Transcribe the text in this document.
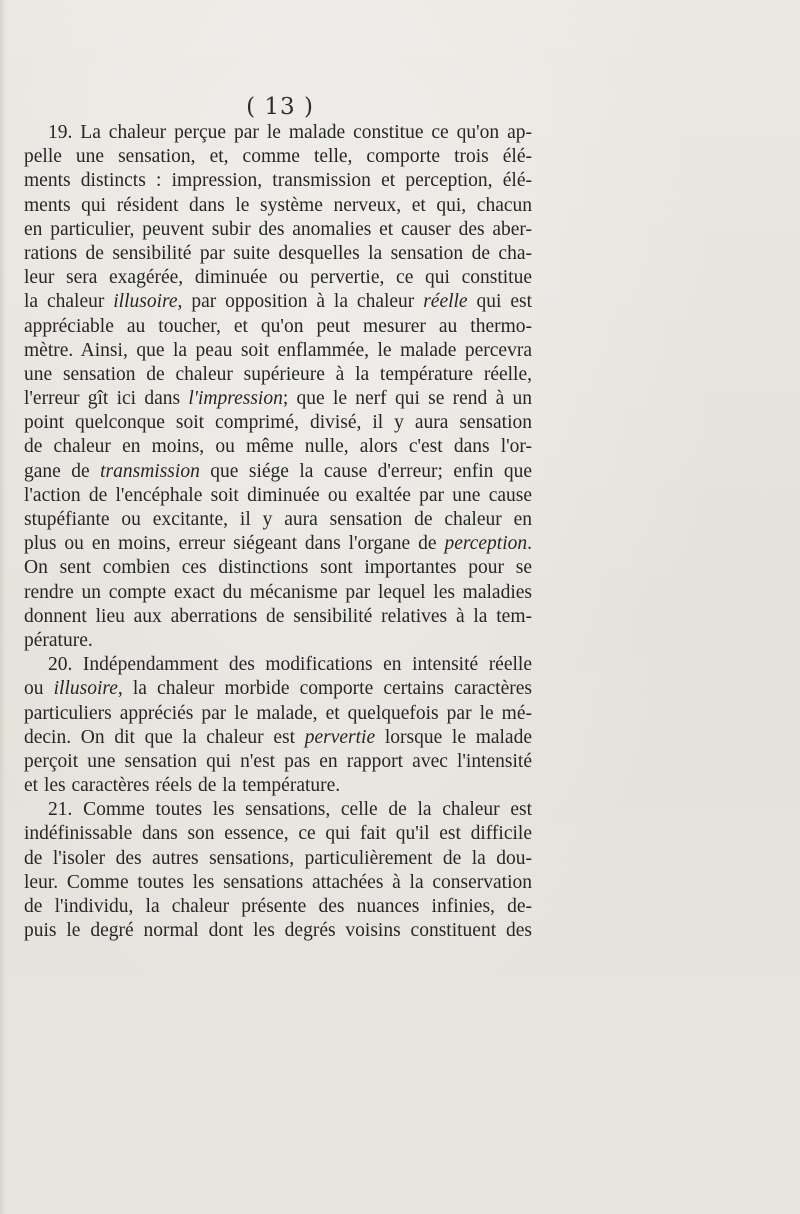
( 13 )
19. La chaleur perçue par le malade constitue ce qu'on ap-
pelle une sensation, et, comme telle, comporte trois élé-
ments distincts : impression, transmission et perception, élé-
ments qui résident dans le système nerveux, et qui, chacun
en particulier, peuvent subir des anomalies et causer des aber-
rations de sensibilité par suite desquelles la sensation de cha-
leur sera exagérée, diminuée ou pervertie, ce qui constitue
la chaleur illusoire, par opposition à la chaleur réelle qui est
appréciable au toucher, et qu'on peut mesurer au thermo-
mètre. Ainsi, que la peau soit enflammée, le malade percevra
une sensation de chaleur supérieure à la température réelle,
l'erreur gît ici dans l'impression; que le nerf qui se rend à un
point quelconque soit comprimé, divisé, il y aura sensation
de chaleur en moins, ou même nulle, alors c'est dans l'or-
gane de transmission que siége la cause d'erreur; enfin que
l'action de l'encéphale soit diminuée ou exaltée par une cause
stupéfiante ou excitante, il y aura sensation de chaleur en
plus ou en moins, erreur siégeant dans l'organe de perception.
On sent combien ces distinctions sont importantes pour se
rendre un compte exact du mécanisme par lequel les maladies
donnent lieu aux aberrations de sensibilité relatives à la tem-
pérature.
20. Indépendamment des modifications en intensité réelle
ou illusoire, la chaleur morbide comporte certains caractères
particuliers appréciés par le malade, et quelquefois par le mé-
decin. On dit que la chaleur est pervertie lorsque le malade
perçoit une sensation qui n'est pas en rapport avec l'intensité
et les caractères réels de la température.
21. Comme toutes les sensations, celle de la chaleur est
indéfinissable dans son essence, ce qui fait qu'il est difficile
de l'isoler des autres sensations, particulièrement de la dou-
leur. Comme toutes les sensations attachées à la conservation
de l'individu, la chaleur présente des nuances infinies, de-
puis le degré normal dont les degrés voisins constituent des
